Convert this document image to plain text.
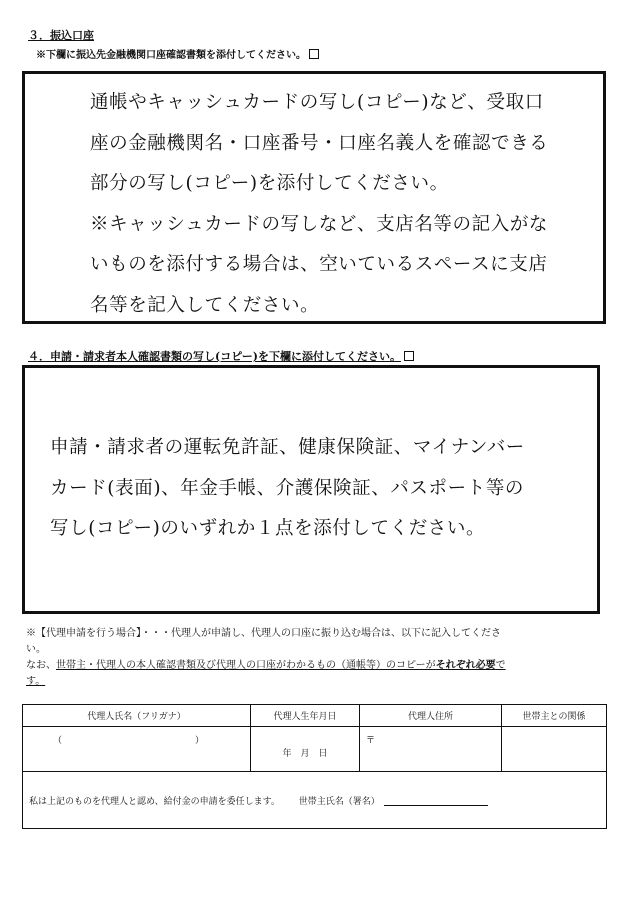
３．振込口座
※下欄に振込先金融機関口座確認書類を添付してください。
通帳やキャッシュカードの写し(コピー)など、受取口
座の金融機関名・口座番号・口座名義人を確認できる
部分の写し(コピー)を添付してください。
※キャッシュカードの写しなど、支店名等の記入がな
いものを添付する場合は、空いているスペースに支店
名等を記入してください。
４．申請・請求者本人確認書類の写し(コピー)を下欄に添付してください。
申請・請求者の運転免許証、健康保険証、マイナンバー
カード(表面)、年金手帳、介護保険証、パスポート等の
写し(コピー)のいずれか１点を添付してください。
※【代理申請を行う場合】・・・代理人が申請し、代理人の口座に振り込む場合は、以下に記入してくださ
い。
なお、世帯主・代理人の本人確認書類及び代理人の口座がわかるもの（通帳等）のコピーがそれぞれ必要で
す。
代理人氏名（フリガナ）	代理人生年月日	代理人住所	世帯主との関係

（ ）	年　月　日	〒	
私は上記のものを代理人と認め、給付金の申請を委任します。 世帯主氏名（署名）			
